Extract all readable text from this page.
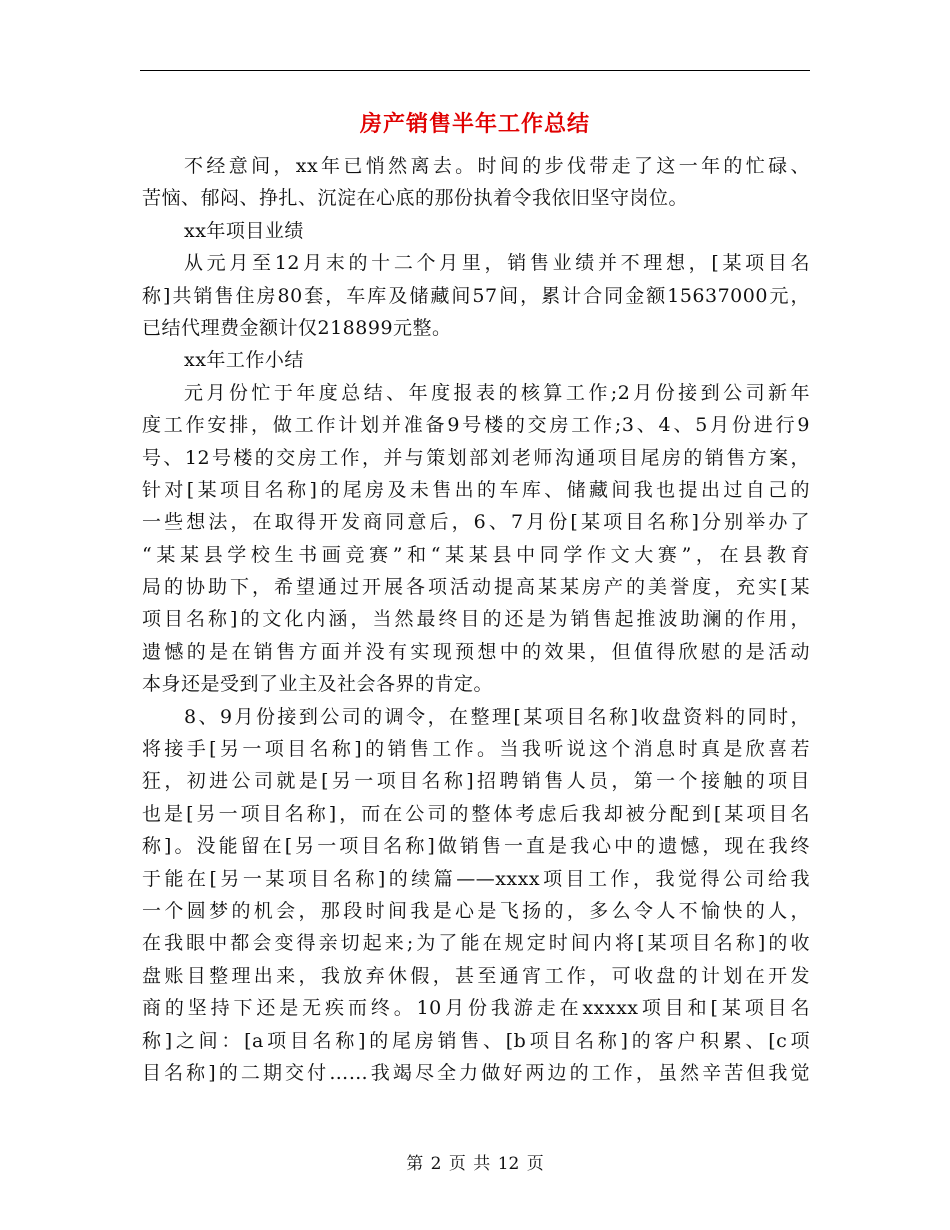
房产销售半年工作总结
不经意间，xx年已悄然离去。时间的步伐带走了这一年的忙碌、
苦恼、郁闷、挣扎、沉淀在心底的那份执着令我依旧坚守岗位。
xx年项目业绩
从元月至12月末的十二个月里，销售业绩并不理想，[某项目名
称]共销售住房80套，车库及储藏间57间，累计合同金额15637000元，
已结代理费金额计仅218899元整。
xx年工作小结
元月份忙于年度总结、年度报表的核算工作;2月份接到公司新年
度工作安排，做工作计划并准备9号楼的交房工作;3、4、5月份进行9
号、12号楼的交房工作，并与策划部刘老师沟通项目尾房的销售方案，
针对[某项目名称]的尾房及未售出的车库、储藏间我也提出过自己的
一些想法，在取得开发商同意后，6、7月份[某项目名称]分别举办了
“某某县学校生书画竞赛”和“某某县中同学作文大赛”，在县教育
局的协助下，希望通过开展各项活动提高某某房产的美誉度，充实[某
项目名称]的文化内涵，当然最终目的还是为销售起推波助澜的作用，
遗憾的是在销售方面并没有实现预想中的效果，但值得欣慰的是活动
本身还是受到了业主及社会各界的肯定。
8、9月份接到公司的调令，在整理[某项目名称]收盘资料的同时，
将接手[另一项目名称]的销售工作。当我听说这个消息时真是欣喜若
狂，初进公司就是[另一项目名称]招聘销售人员，第一个接触的项目
也是[另一项目名称]，而在公司的整体考虑后我却被分配到[某项目名
称]。没能留在[另一项目名称]做销售一直是我心中的遗憾，现在我终
于能在[另一某项目名称]的续篇——xxxx项目工作，我觉得公司给我
一个圆梦的机会，那段时间我是心是飞扬的，多么令人不愉快的人，
在我眼中都会变得亲切起来;为了能在规定时间内将[某项目名称]的收
盘账目整理出来，我放弃休假，甚至通宵工作，可收盘的计划在开发
商的坚持下还是无疾而终。10月份我游走在xxxxx项目和[某项目名
称]之间：[a项目名称]的尾房销售、[b项目名称]的客户积累、[c项
目名称]的二期交付……我竭尽全力做好两边的工作，虽然辛苦但我觉
第 2 页 共 12 页
